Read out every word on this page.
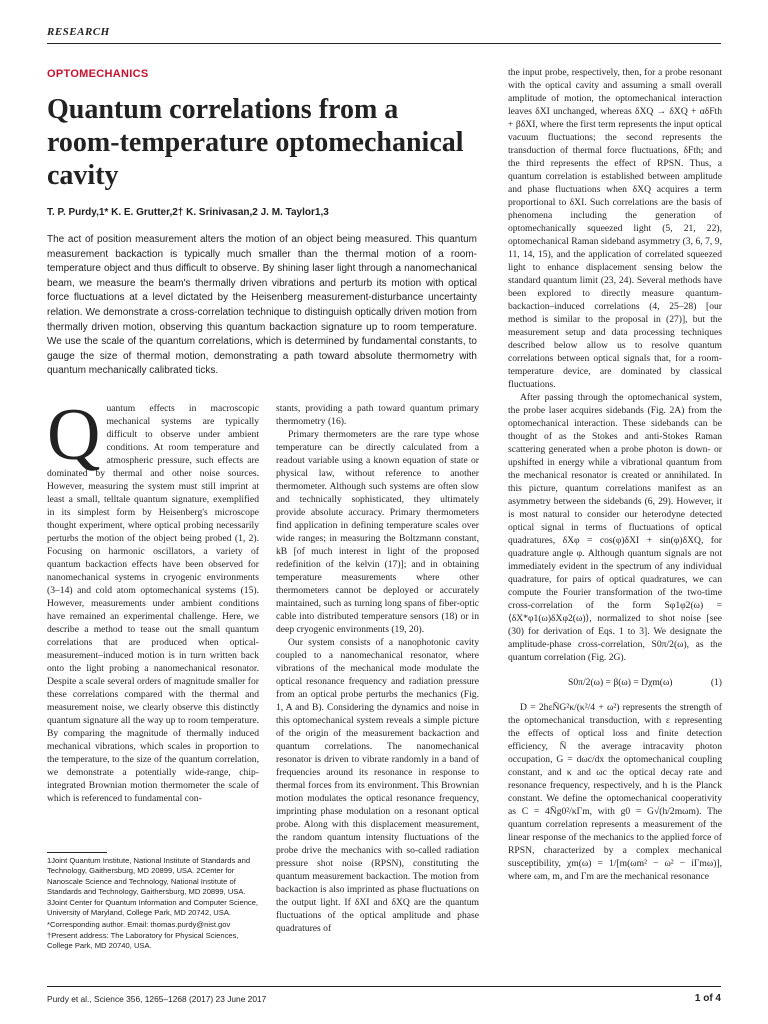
RESEARCH
OPTOMECHANICS
Quantum correlations from a room-temperature optomechanical cavity
T. P. Purdy,1* K. E. Grutter,2† K. Srinivasan,2 J. M. Taylor1,3

The act of position measurement alters the motion of an object being measured. This quantum measurement backaction is typically much smaller than the thermal motion of a room-temperature object and thus difficult to observe. By shining laser light through a nanomechanical beam, we measure the beam's thermally driven vibrations and perturb its motion with optical force fluctuations at a level dictated by the Heisenberg measurement-disturbance uncertainty relation. We demonstrate a cross-correlation technique to distinguish optically driven motion from thermally driven motion, observing this quantum backaction signature up to room temperature. We use the scale of the quantum correlations, which is determined by fundamental constants, to gauge the size of thermal motion, demonstrating a path toward absolute thermometry with quantum mechanically calibrated ticks.

Q uantum effects in macroscopic mechanical systems are typically difficult to observe under ambient conditions. At room temperature and atmospheric pressure, such effects are dominated by thermal and other noise sources. However, measuring the system must still imprint at least a small, telltale quantum signature, exemplified in its simplest form by Heisenberg's microscope thought experiment, where optical probing necessarily perturbs the motion of the object being probed (1, 2). Focusing on harmonic oscillators, a variety of quantum backaction effects have been observed for nanomechanical systems in cryogenic environments (3–14) and cold atom optomechanical systems (15). However, measurements under ambient conditions have remained an experimental challenge. Here, we describe a method to tease out the small quantum correlations that are produced when optical-measurement–induced motion is in turn written back onto the light probing a nanomechanical resonator. Despite a scale several orders of magnitude smaller for these correlations compared with the thermal and measurement noise, we clearly observe this distinctly quantum signature all the way up to room temperature. By comparing the magnitude of thermally induced mechanical vibrations, which scales in proportion to the temperature, to the size of the quantum correlation, we demonstrate a potentially wide-range, chip-integrated Brownian motion thermometer the scale of which is referenced to fundamental con-

stants, providing a path toward quantum primary thermometry (16).

Primary thermometers are the rare type whose temperature can be directly calculated from a readout variable using a known equation of state or physical law, without reference to another thermometer. Although such systems are often slow and technically sophisticated, they ultimately provide absolute accuracy. Primary thermometers find application in defining temperature scales over wide ranges; in measuring the Boltzmann constant, kB [of much interest in light of the proposed redefinition of the kelvin (17)]; and in obtaining temperature measurements where other thermometers cannot be deployed or accurately maintained, such as turning long spans of fiber-optic cable into distributed temperature sensors (18) or in deep cryogenic environments (19, 20).

Our system consists of a nanophotonic cavity coupled to a nanomechanical resonator, where vibrations of the mechanical mode modulate the optical resonance frequency and radiation pressure from an optical probe perturbs the mechanics (Fig. 1, A and B). Considering the dynamics and noise in this optomechanical system reveals a simple picture of the origin of the measurement backaction and quantum correlations. The nanomechanical resonator is driven to vibrate randomly in a band of frequencies around its resonance in response to thermal forces from its environment. This Brownian motion modulates the optical resonance frequency, imprinting phase modulation on a resonant optical probe. Along with this displacement measurement, the random quantum intensity fluctuations of the probe drive the mechanics with so-called radiation pressure shot noise (RPSN), constituting the quantum measurement backaction. The motion from backaction is also imprinted as phase fluctuations on the output light. If δXI and δXQ are the quantum fluctuations of the optical amplitude and phase quadratures of

the input probe, respectively, then, for a probe resonant with the optical cavity and assuming a small overall amplitude of motion, the optomechanical interaction leaves δXI unchanged, whereas δXQ → δXQ + αδFth + βδXI, where the first term represents the input optical vacuum fluctuations; the second represents the transduction of thermal force fluctuations, δFth; and the third represents the effect of RPSN. Thus, a quantum correlation is established between amplitude and phase fluctuations when δXQ acquires a term proportional to δXI. Such correlations are the basis of phenomena including the generation of optomechanically squeezed light (5, 21, 22), optomechanical Raman sideband asymmetry (3, 6, 7, 9, 11, 14, 15), and the application of correlated squeezed light to enhance displacement sensing below the standard quantum limit (23, 24). Several methods have been explored to directly measure quantum-backaction–induced correlations (4, 25–28) [our method is similar to the proposal in (27)], but the measurement setup and data processing techniques described below allow us to resolve quantum correlations between optical signals that, for a room-temperature device, are dominated by classical fluctuations.

After passing through the optomechanical system, the probe laser acquires sidebands (Fig. 2A) from the optomechanical interaction. These sidebands can be thought of as the Stokes and anti-Stokes Raman scattering generated when a probe photon is down- or upshifted in energy while a vibrational quantum from the mechanical resonator is created or annihilated. In this picture, quantum correlations manifest as an asymmetry between the sidebands (6, 29). However, it is most natural to consider our heterodyne detected optical signal in terms of fluctuations of optical quadratures, δXφ = cos(φ)δXI + sin(φ)δXQ, for quadrature angle φ. Although quantum signals are not immediately evident in the spectrum of any individual quadrature, for pairs of optical quadratures, we can compute the Fourier transformation of the two-time cross-correlation of the form Sφ1φ2(ω) = ⟨δX*φ1(ω)δXφ2(ω)⟩, normalized to shot noise [see (30) for derivation of Eqs. 1 to 3]. We designate the amplitude-phase cross-correlation, S0π/2(ω), as the quantum correlation (Fig. 2G).

S0π/2(ω) = β(ω) = Dχm(ω)	(1)

D = 2hεN̄G²κ/(κ²/4 + ω²) represents the strength of the optomechanical transduction, with ε representing the effects of optical loss and finite detection efficiency, N̄ the average intracavity photon occupation, G = dωc/dx the optomechanical coupling constant, and κ and ωc the optical decay rate and resonance frequency, respectively, and h is the Planck constant. We define the optomechanical cooperativity as C = 4N̄g0²/κΓm, with g0 = G√(h/2mωm). The quantum correlation represents a measurement of the linear response of the mechanics to the applied force of RPSN, characterized by a complex mechanical susceptibility, χm(ω) = 1/[m(ωm² − ω² − iΓmω)], where ωm, m, and Γm are the mechanical resonance

1Joint Quantum Institute, National Institute of Standards and Technology, Gaithersburg, MD 20899, USA. 2Center for Nanoscale Science and Technology, National Institute of Standards and Technology, Gaithersburg, MD 20899, USA. 3Joint Center for Quantum Information and Computer Science, University of Maryland, College Park, MD 20742, USA.

*Corresponding author. Email: thomas.purdy@nist.gov †Present address: The Laboratory for Physical Sciences, College Park, MD 20740, USA.

Purdy et al., Science 356, 1265–1268 (2017) 23 June 2017	1 of 4
